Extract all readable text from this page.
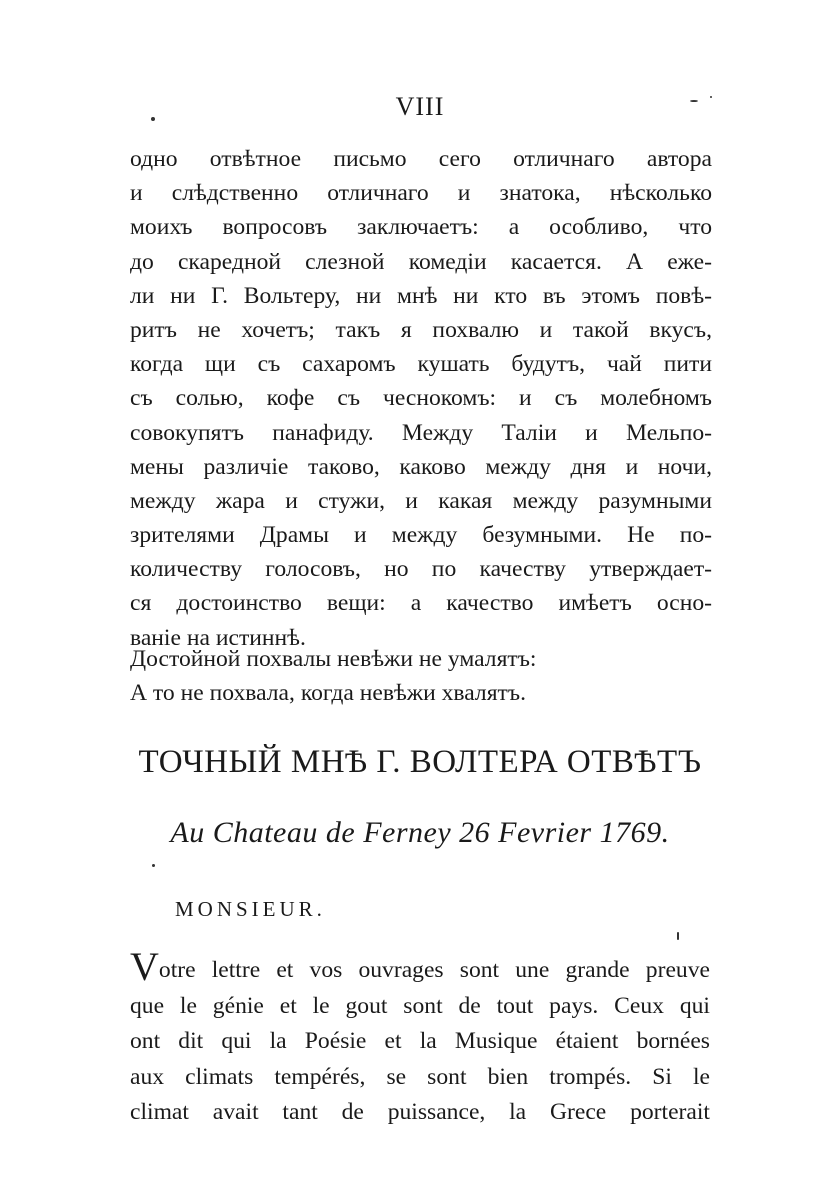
VIII
одно отвѣтное письмо сего отличнаго автора
и слѣдственно отличнаго и знатока, нѣсколько
моихъ вопросовъ заключаетъ: а особливо, что
до скаредной слезной комедіи касается. А еже-
ли ни Г. Вольтеру, ни мнѣ ни кто въ этомъ повѣ-
ритъ не хочетъ; такъ я похвалю и такой вкусъ,
когда щи съ сахаромъ кушать будутъ, чай пити
съ солью, кофе съ чеснокомъ: и съ молебномъ
совокупятъ панафиду. Между Таліи и Мельпо-
мены различіе таково, каково между дня и ночи,
между жара и стужи, и какая между разумными
зрителями Драмы и между безумными. Не по-
количеству голосовъ, но по качеству утверждает-
ся достоинство вещи: а качество имѣетъ осно-
ваніе на истиннѣ.
Достойной похвалы невѣжи не умалятъ:
А то не похвала, когда невѣжи хвалятъ.
ТОЧНЫЙ МНѢ Г. ВОЛТЕРА ОТВѢТЪ
Au Chateau de Ferney 26 Fevrier 1769.
MONSIEUR.
Votre lettre et vos ouvrages sont une grande preuve
que le génie et le gout sont de tout pays. Ceux qui
ont dit qui la Poésie et la Musique étaient bornées
aux climats tempérés, se sont bien trompés. Si le
climat avait tant de puissance, la Grece porterait
